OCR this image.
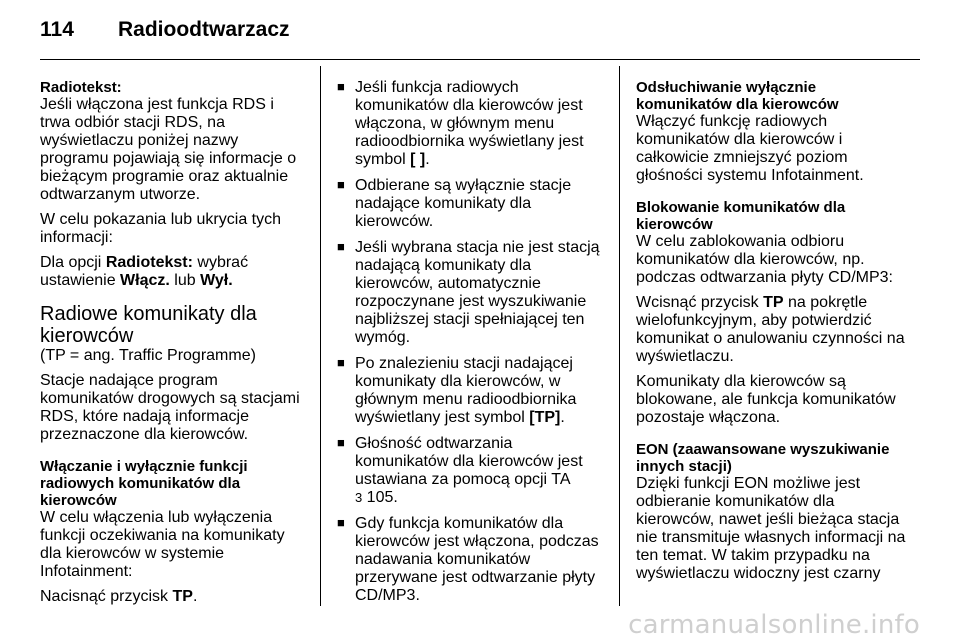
114 Radioodtwarzacz
Radiotekst:

Jeśli włączona jest funkcja RDS i trwa odbiór stacji RDS, na wyświetlaczu poniżej nazwy programu pojawiają się informacje o bieżącym programie oraz aktualnie odtwarzanym utworze.

W celu pokazania lub ukrycia tych informacji:

Dla opcji Radiotekst: wybrać ustawienie Włącz. lub Wył.

Radiowe komunikaty dla kierowców

(TP = ang. Traffic Programme)

Stacje nadające program komunikatów drogowych są stacjami RDS, które nadają informacje przeznaczone dla kierowców.

Włączanie i wyłącznie funkcji radiowych komunikatów dla kierowców

W celu włączenia lub wyłączenia funkcji oczekiwania na komunikaty dla kierowców w systemie Infotainment:

Nacisnąć przycisk TP.

■ Jeśli funkcja radiowych komunikatów dla kierowców jest włączona, w głównym menu radioodbiornika wyświetlany jest symbol [ ].
■ Odbierane są wyłącznie stacje nadające komunikaty dla kierowców.
■ Jeśli wybrana stacja nie jest stacją nadającą komunikaty dla kierowców, automatycznie rozpoczynane jest wyszukiwanie najbliższej stacji spełniającej ten wymóg.
■ Po znalezieniu stacji nadającej komunikaty dla kierowców, w głównym menu radioodbiornika wyświetlany jest symbol [TP].
■ Głośność odtwarzania komunikatów dla kierowców jest ustawiana za pomocą opcji TA
3 105.
■ Gdy funkcja komunikatów dla kierowców jest włączona, podczas nadawania komunikatów przerywane jest odtwarzanie płyty CD/MP3.
Odsłuchiwanie wyłącznie komunikatów dla kierowców

Włączyć funkcję radiowych komunikatów dla kierowców i całkowicie zmniejszyć poziom głośności systemu Infotainment.

Blokowanie komunikatów dla kierowców

W celu zablokowania odbioru komunikatów dla kierowców, np. podczas odtwarzania płyty CD/MP3:

Wcisnąć przycisk TP na pokrętle wielofunkcyjnym, aby potwierdzić komunikat o anulowaniu czynności na wyświetlaczu.

Komunikaty dla kierowców są blokowane, ale funkcja komunikatów pozostaje włączona.

EON (zaawansowane wyszukiwanie innych stacji)

Dzięki funkcji EON możliwe jest odbieranie komunikatów dla kierowców, nawet jeśli bieżąca stacja nie transmituje własnych informacji na ten temat. W takim przypadku na wyświetlaczu widoczny jest czarny

carmanualsonline.info
